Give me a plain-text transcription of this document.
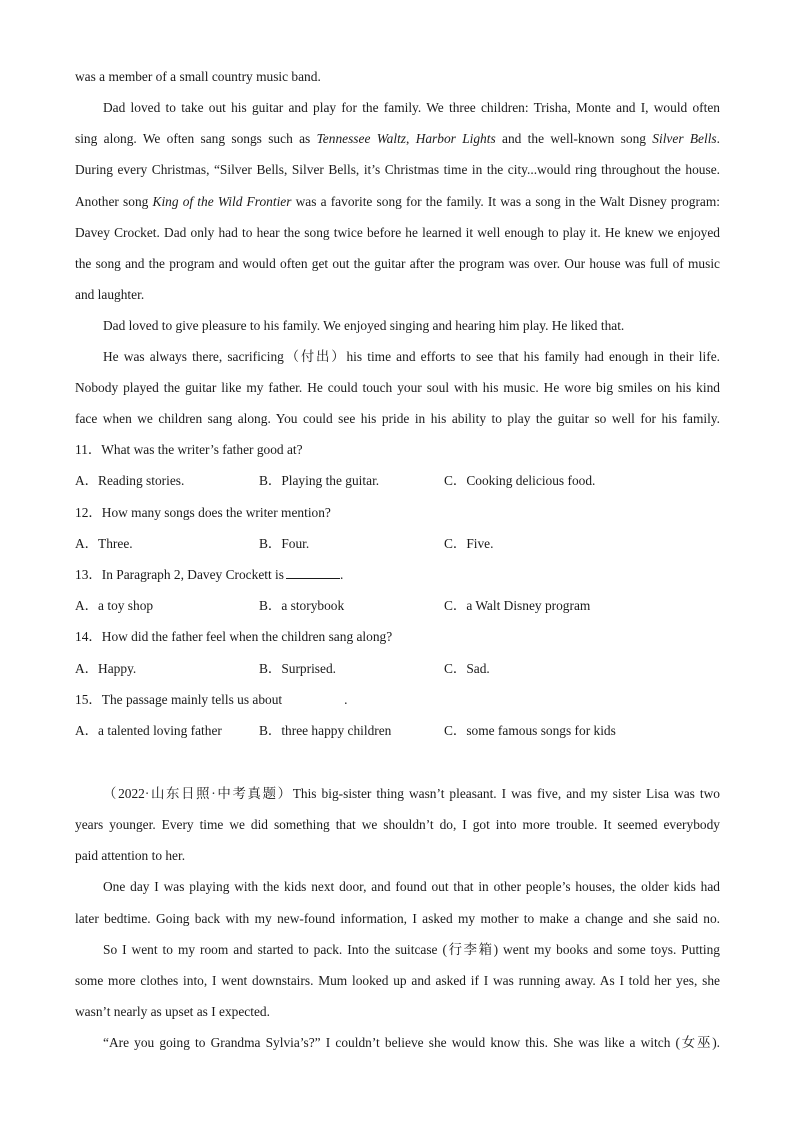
was a member of a small country music band.
Dad loved to take out his guitar and play for the family. We three children: Trisha, Monte and I, would often
sing along. We often sang songs such as Tennessee Waltz, Harbor Lights and the well-known song Silver Bells.
During every Christmas, “Silver Bells, Silver Bells, it’s Christmas time in the city...would ring throughout the house.
Another song King of the Wild Frontier was a favorite song for the family. It was a song in the Walt Disney program:
Davey Crocket. Dad only had to hear the song twice before he learned it well enough to play it. He knew we enjoyed
the song and the program and would often get out the guitar after the program was over. Our house was full of music
and laughter.
Dad loved to give pleasure to his family. We enjoyed singing and hearing him play. He liked that.
He was always there, sacrificing（付出）his time and efforts to see that his family had enough in their life.
Nobody played the guitar like my father. He could touch your soul with his music. He wore big smiles on his kind
face when we children sang along. You could see his pride in his ability to play the guitar so well for his family.
11．What was the writer’s father good at?
A．Reading stories.	B．Playing the guitar.	C．Cooking delicious food.
12．How many songs does the writer mention?
A．Three.	B．Four.	C．Five.
13．In Paragraph 2, Davey Crockett is	.
A．a toy shop	B．a storybook	C．a Walt Disney program
14．How did the father feel when the children sang along?
A．Happy.	B．Surprised.	C．Sad.
15．The passage mainly tells us about	.
A．a talented loving father	B．three happy children	C．some famous songs for kids
（2022·山东日照·中考真题）This big-sister thing wasn’t pleasant. I was five, and my sister Lisa was two
years younger. Every time we did something that we shouldn’t do, I got into more trouble. It seemed everybody
paid attention to her.
One day I was playing with the kids next door, and found out that in other people’s houses, the older kids had
later bedtime. Going back with my new-found information, I asked my mother to make a change and she said no.
So I went to my room and started to pack. Into the suitcase (行李箱) went my books and some toys. Putting
some more clothes into, I went downstairs. Mum looked up and asked if I was running away. As I told her yes, she
wasn’t nearly as upset as I expected.
“Are you going to Grandma Sylvia’s?” I couldn’t believe she would know this. She was like a witch (女巫).
